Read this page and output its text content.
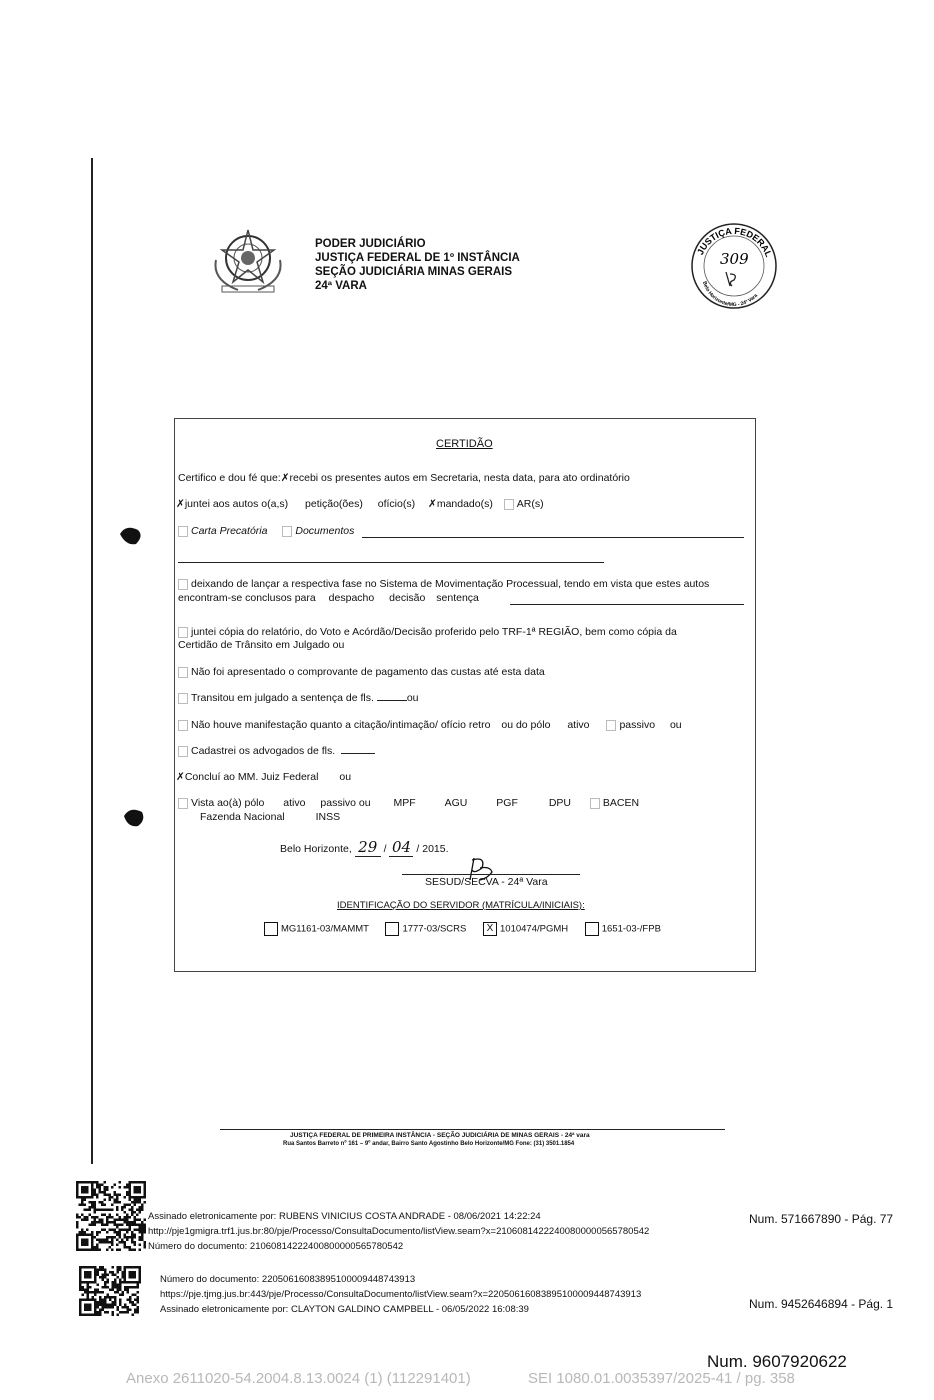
PODER JUDICIÁRIO
JUSTIÇA FEDERAL DE 1º INSTÂNCIA
SEÇÃO JUDICIÁRIA MINAS GERAIS
24ª VARA
JUSTIÇA FEDERAL
Belo Horizonte/MG - 24ª Vara
309
CERTIDÃO
Certifico e dou fé que:✗recebi os presentes autos em Secretaria, nesta data, para ato ordinatório
✗juntei aos autos o(a,s) petição(ões) ofício(s) ✗mandado(s) AR(s)
Carta Precatória	Documentos
deixando de lançar a respectiva fase no Sistema de Movimentação Processual, tendo em vista que estes autos
encontram-se conclusos para despacho decisão sentença
juntei cópia do relatório, do Voto e Acórdão/Decisão proferido pelo TRF-1ª REGIÃO, bem como cópia da
Certidão de Trânsito em Julgado ou
Não foi apresentado o comprovante de pagamento das custas até esta data
Transitou em julgado a sentença de fls.	ou
Não houve manifestação quanto a citação/intimação/ ofício retro ou do pólo ativo	passivo ou
Cadastrei os advogados de fls.
✗Concluí ao MM. Juiz Federal ou
Vista ao(à) pólo ativo passivo ou MPF	AGU	PGF	DPU	BACEN
Fazenda Nacional	INSS
Belo Horizonte, 29 / 04 / 2015.
SESUD/SECVA - 24ª Vara
IDENTIFICAÇÃO DO SERVIDOR (MATRÍCULA/INICIAIS):
MG1161-03/MAMMT	1777-03/SCRS X 1010474/PGMH	1651-03-/FPB
JUSTIÇA FEDERAL DE PRIMEIRA INSTÂNCIA - SEÇÃO JUDICIÁRIA DE MINAS GERAIS - 24ª vara
Rua Santos Barreto nº 161 – 9º andar, Bairro Santo Agostinho Belo Horizonte/MG Fone: (31) 3501.1854
Assinado eletronicamente por: RUBENS VINICIUS COSTA ANDRADE - 08/06/2021 14:22:24
http://pje1gmigra.trf1.jus.br:80/pje/Processo/ConsultaDocumento/listView.seam?x=21060814222400800000565780542
Número do documento: 21060814222400800000565780542
Num. 571667890 - Pág. 77
Número do documento: 22050616083895100009448743913
https://pje.tjmg.jus.br:443/pje/Processo/ConsultaDocumento/listView.seam?x=22050616083895100009448743913
Assinado eletronicamente por: CLAYTON GALDINO CAMPBELL - 06/05/2022 16:08:39	Num. 9452646894 - Pág. 1
Num. 9607920622
Anexo 2611020-54.2004.8.13.0024 (1) (112291401)	SEI 1080.01.0035397/2025-41 / pg. 358
